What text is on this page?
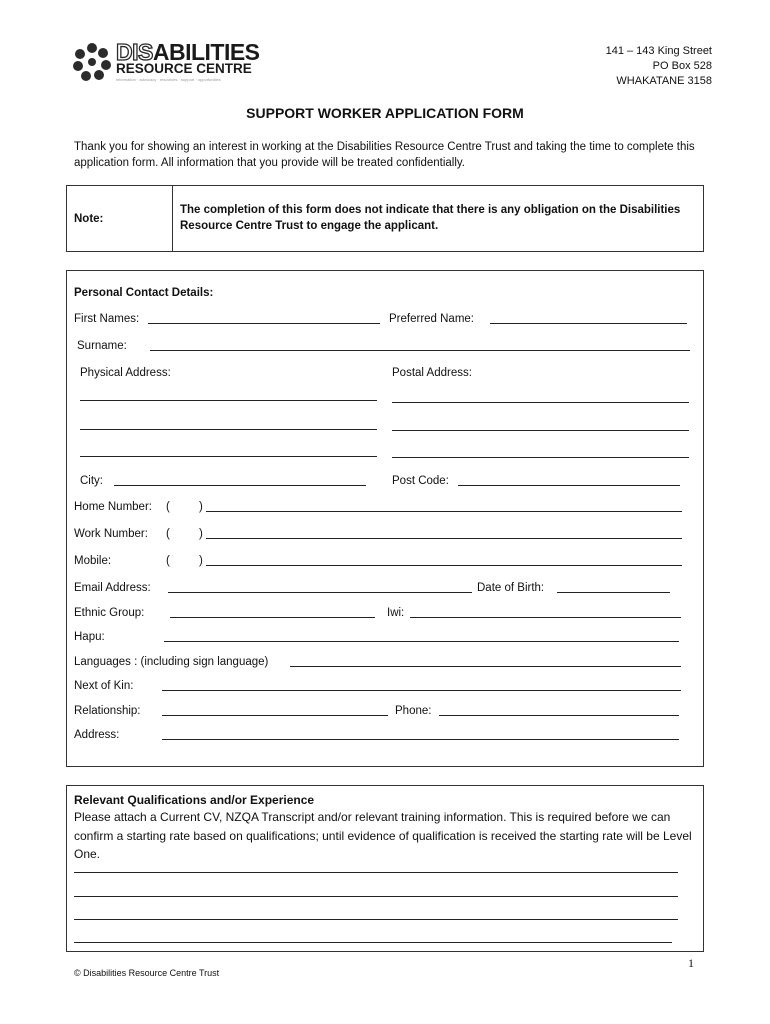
DISABILITIES
RESOURCE CENTRE
information · advocacy · resources · support · opportunities
141 – 143 King Street
PO Box 528
WHAKATANE 3158
SUPPORT WORKER APPLICATION FORM
Thank you for showing an interest in working at the Disabilities Resource Centre Trust and taking the time to complete this application form. All information that you provide will be treated confidentially.
Note:
The completion of this form does not indicate that there is any obligation on the Disabilities Resource Centre Trust to engage the applicant.
Personal Contact Details:
First Names:	Preferred Name:
Surname:
Physical Address:	Postal Address:
City:	Post Code:
Home Number: (	)
Work Number: (	)
Mobile:	(	)
Email Address:	Date of Birth:
Ethnic Group:	Iwi:
Hapu:
Languages : (including sign language)
Next of Kin:
Relationship:	Phone:
Address:
Relevant Qualifications and/or Experience
Please attach a Current CV, NZQA Transcript and/or relevant training information. This is required before we can confirm a starting rate based on qualifications; until evidence of qualification is received the starting rate will be Level One.
1
© Disabilities Resource Centre Trust
